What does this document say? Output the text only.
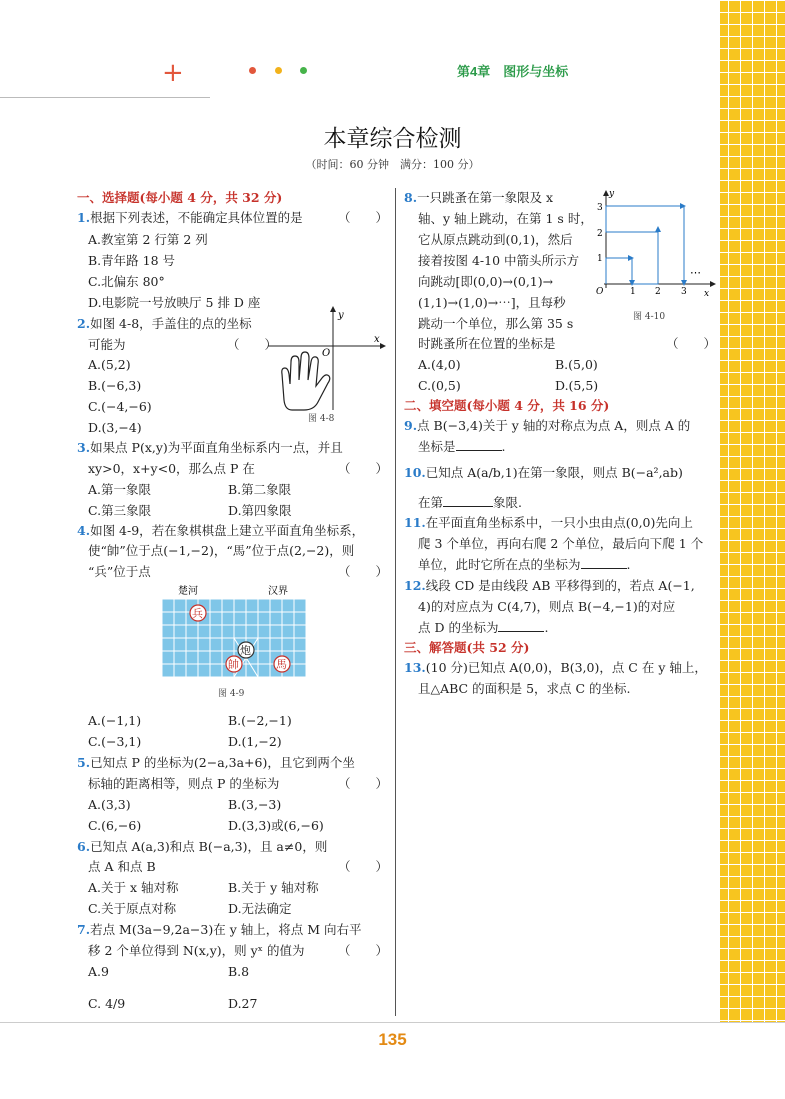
+	第4章　图形与坐标
本章综合检测
（时间：60 分钟　满分：100 分）
一、选择题(每小题 4 分，共 32 分)
1.根据下列表述，不能确定具体位置的是	（　　）
A.教室第 2 行第 2 列
B.青年路 18 号
C.北偏东 80°
D.电影院一号放映厅 5 排 D 座
2.如图 4-8，手盖住的点的坐标
可能为	（　　）
A.(5,2)
B.(−6,3)
C.(−4,−6)
D.(3,−4)
3.如果点 P(x,y)为平面直角坐标系内一点，并且
xy>0，x+y<0，那么点 P 在	（　　）
A.第一象限	B.第二象限
C.第三象限	D.第四象限
4.如图 4-9，若在象棋棋盘上建立平面直角坐标系，
使“帥”位于点(−1,−2)，“馬”位于点(2,−2)，则
“兵”位于点	（　　）
A.(−1,1)	B.(−2,−1)
C.(−3,1)	D.(1,−2)
5.已知点 P 的坐标为(2−a,3a+6)，且它到两个坐
标轴的距离相等，则点 P 的坐标为	（　　）
A.(3,3)	B.(3,−3)
C.(6,−6)	D.(3,3)或(6,−6)
6.已知点 A(a,3)和点 B(−a,3)，且 a≠0，则
点 A 和点 B	（　　）
A.关于 x 轴对称	B.关于 y 轴对称
C.关于原点对称	D.无法确定
7.若点 M(3a−9,2a−3)在 y 轴上，将点 M 向右平
移 2 个单位得到 N(x,y)，则 yˣ 的值为	（　　）
A.9	B.8
C. 4/9	D.27
8.一只跳蚤在第一象限及 x
轴、y 轴上跳动，在第 1 s 时，
它从原点跳动到(0,1)，然后
接着按图 4-10 中箭头所示方
向跳动[即(0,0)→(0,1)→
(1,1)→(1,0)→⋯]，且每秒
跳动一个单位，那么第 35 s
时跳蚤所在位置的坐标是	（　　）
A.(4,0)	B.(5,0)
C.(0,5)	D.(5,5)
二、填空题(每小题 4 分，共 16 分)
9.点 B(−3,4)关于 y 轴的对称点为点 A，则点 A 的
坐标是	.
10.已知点 A(a/b,1)在第一象限，则点 B(−a²,ab)
在第	象限.
11.在平面直角坐标系中，一只小虫由点(0,0)先向上
爬 3 个单位，再向右爬 2 个单位，最后向下爬 1 个
单位，此时它所在点的坐标为	.
12.线段 CD 是由线段 AB 平移得到的，若点 A(−1,
4)的对应点为 C(4,7)，则点 B(−4,−1)的对应
点 D 的坐标为	.
三、解答题(共 52 分)
13.(10 分)已知点 A(0,0)，B(3,0)，点 C 在 y 轴上，
且△ABC 的面积是 5，求点 C 的坐标.
x
y
O
图 4-8
楚河	汉界
兵
炮
帥	馬
图 4-9
y
x
O	1 2 3
1
2
3
⋯
图 4-10
135
